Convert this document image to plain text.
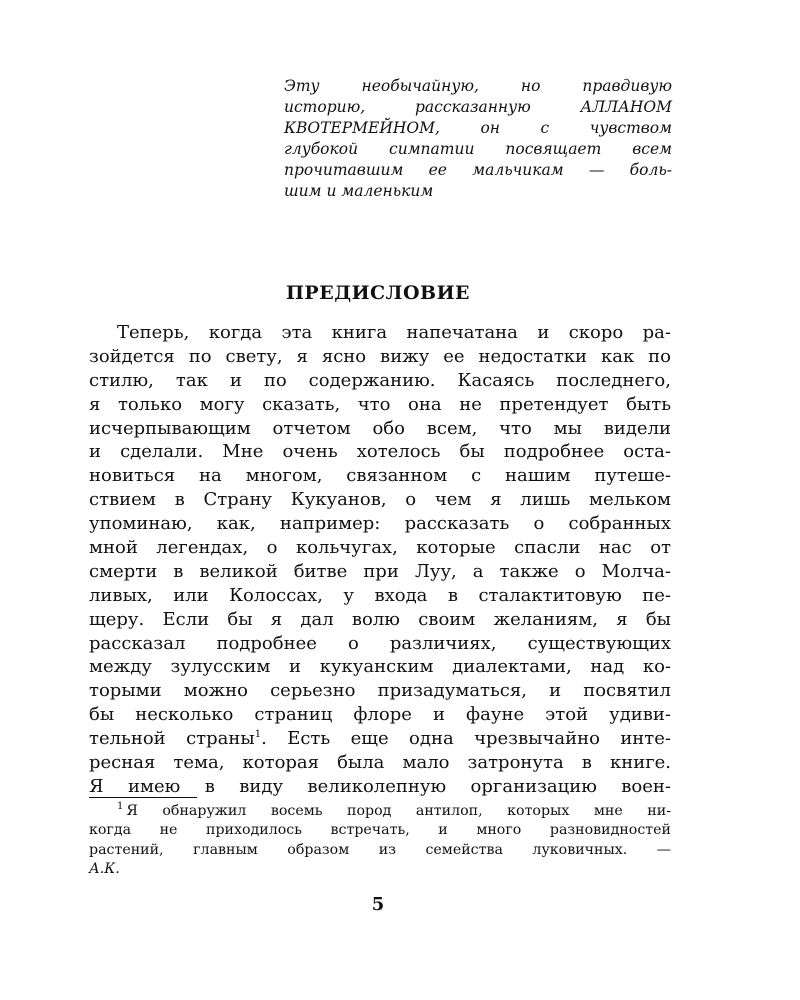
Эту необычайную, но правдивую
историю, рассказанную АЛЛАНОМ
КВОТЕРМЕЙНОМ, он с чувством
глубокой симпатии посвящает всем
прочитавшим ее мальчикам — боль-
шим и маленьким
ПРЕДИСЛОВИЕ
Теперь, когда эта книга напечатана и скоро ра-
зойдется по свету, я ясно вижу ее недостатки как по
стилю, так и по содержанию. Касаясь последнего,
я только могу сказать, что она не претендует быть
исчерпывающим отчетом обо всем, что мы видели
и сделали. Мне очень хотелось бы подробнее оста-
новиться на многом, связанном с нашим путеше-
ствием в Страну Кукуанов, о чем я лишь мельком
упоминаю, как, например: рассказать о собранных
мной легендах, о кольчугах, которые спасли нас от
смерти в великой битве при Луу, а также о Молча-
ливых, или Колоссах, у входа в сталактитовую пе-
щеру. Если бы я дал волю своим желаниям, я бы
рассказал подробнее о различиях, существующих
между зулусским и кукуанским диалектами, над ко-
торыми можно серьезно призадуматься, и посвятил
бы несколько страниц флоре и фауне этой удиви-
тельной страны$^1$. Есть еще одна чрезвычайно инте-
ресная тема, которая была мало затронута в книге.
Я имею в виду великолепную организацию воен-
$^1$ Я обнаружил восемь пород антилоп, которых мне ни-
когда не приходилось встречать, и много разновидностей
растений, главным образом из семейства луковичных. —
А.К.
5
